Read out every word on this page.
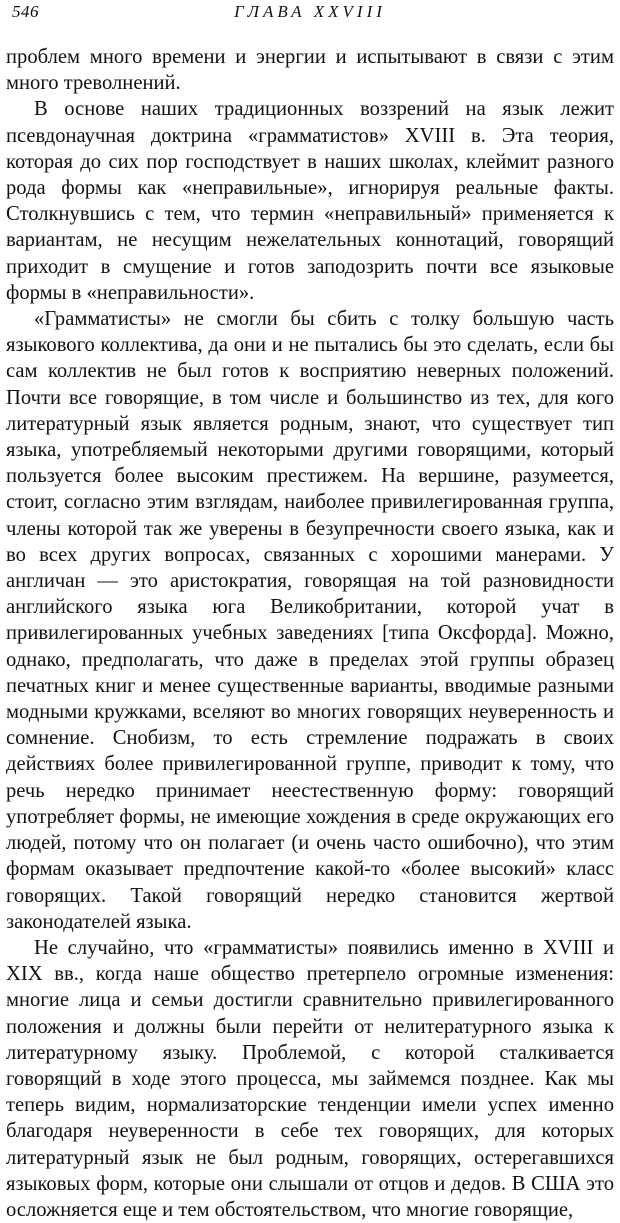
546	ГЛАВА XXVIII

проблем много времени и энергии и испытывают в связи с этим много треволнений.

В основе наших традиционных воззрений на язык лежит псевдонаучная доктрина «грамматистов» XVIII в. Эта теория, которая до сих пор господствует в наших школах, клеймит разного рода формы как «неправильные», игнорируя реальные факты. Столкнувшись с тем, что термин «неправильный» применяется к вариантам, не несущим нежелательных коннотаций, говорящий приходит в смущение и готов заподозрить почти все языковые формы в «неправильности».

«Грамматисты» не смогли бы сбить с толку большую часть языкового коллектива, да они и не пытались бы это сделать, если бы сам коллектив не был готов к восприятию неверных положений. Почти все говорящие, в том числе и большинство из тех, для кого литературный язык является родным, знают, что существует тип языка, употребляемый некоторыми другими говорящими, который пользуется более высоким престижем. На вершине, разумеется, стоит, согласно этим взглядам, наиболее привилегированная группа, члены которой так же уверены в безупречности своего языка, как и во всех других вопросах, связанных с хорошими манерами. У англичан — это аристократия, говорящая на той разновидности английского языка юга Великобритании, которой учат в привилегированных учебных заведениях [типа Оксфорда]. Можно, однако, предполагать, что даже в пределах этой группы образец печатных книг и менее существенные варианты, вводимые разными модными кружками, вселяют во многих говорящих неуверенность и сомнение. Снобизм, то есть стремление подражать в своих действиях более привилегированной группе, приводит к тому, что речь нередко принимает неестественную форму: говорящий употребляет формы, не имеющие хождения в среде окружающих его людей, потому что он полагает (и очень часто ошибочно), что этим формам оказывает предпочтение какой-то «более высокий» класс говорящих. Такой говорящий нередко становится жертвой законодателей языка.

Не случайно, что «грамматисты» появились именно в XVIII и XIX вв., когда наше общество претерпело огромные изменения: многие лица и семьи достигли сравнительно привилегированного положения и должны были перейти от нелитературного языка к литературному языку. Проблемой, с которой сталкивается говорящий в ходе этого процесса, мы займемся позднее. Как мы теперь видим, нормализаторские тенденции имели успех именно благодаря неуверенности в себе тех говорящих, для которых литературный язык не был родным, говорящих, остерегавшихся языковых форм, которые они слышали от отцов и дедов. В США это осложняется еще и тем обстоятельством, что многие говорящие,
